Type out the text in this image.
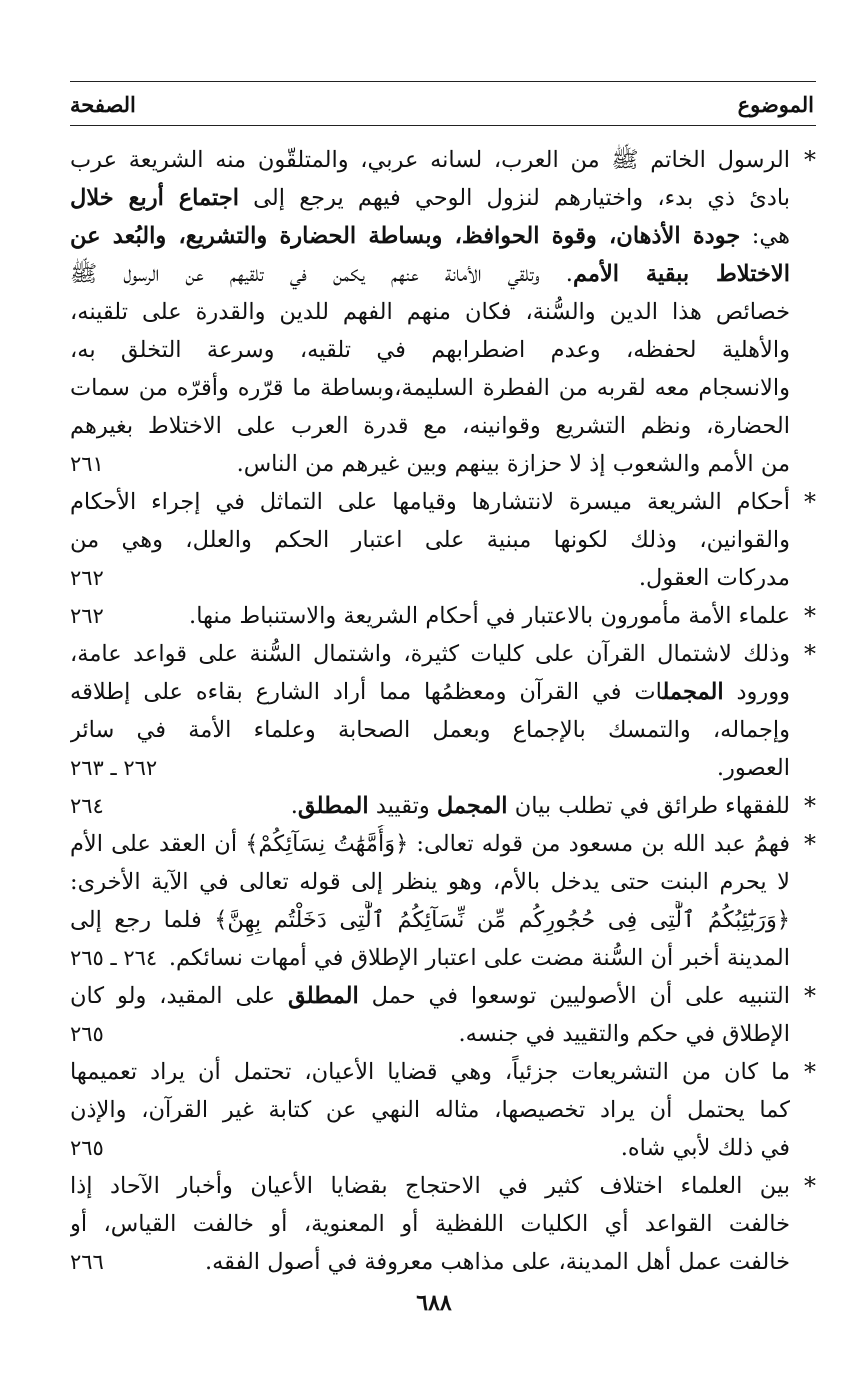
الموضوع
الصفحة
*
الرسول الخاتم ﷺ من العرب، لسانه عربي، والمتلقّون منه الشريعة عرب
بادئ ذي بدء، واختيارهم لنزول الوحي فيهم يرجع إلى اجتماع أربع خلال
هي: جودة الأذهان، وقوة الحوافظ، وبساطة الحضارة والتشريع، والبُعد عن
الاختلاط ببقية الأمم. وتلقي الأمانة عنهم يكمن في تلقيهم عن الرسول ﷺ
خصائص هذا الدين والسُّنة، فكان منهم الفهم للدين والقدرة على تلقينه،
والأهلية لحفظه، وعدم اضطرابهم في تلقيه، وسرعة التخلق به،
والانسجام معه لقربه من الفطرة السليمة،وبساطة ما قرّره وأقرّه من سمات
الحضارة، ونظم التشريع وقوانينه، مع قدرة العرب على الاختلاط بغيرهم
من الأمم والشعوب إذ لا حزازة بينهم وبين غيرهم من الناس.
٢٦١
*
أحكام الشريعة ميسرة لانتشارها وقيامها على التماثل في إجراء الأحكام
والقوانين، وذلك لكونها مبنية على اعتبار الحكم والعلل، وهي من
مدركات العقول.
٢٦٢
*
علماء الأمة مأمورون بالاعتبار في أحكام الشريعة والاستنباط منها.
٢٦٢
*
وذلك لاشتمال القرآن على كليات كثيرة، واشتمال السُّنة على قواعد عامة،
وورود المجملات في القرآن ومعظمُها مما أراد الشارع بقاءه على إطلاقه
وإجماله، والتمسك بالإجماع وبعمل الصحابة وعلماء الأمة في سائر
العصور.
٢٦٢ ـ ٢٦٣
*
للفقهاء طرائق في تطلب بيان المجمل وتقييد المطلق.
٢٦٤
*
فهمُ عبد الله بن مسعود من قوله تعالى: ﴿وَأُمَّهَٰتُ نِسَآئِكُمْ﴾ أن العقد على الأم
لا يحرم البنت حتى يدخل بالأم، وهو ينظر إلى قوله تعالى في الآية الأخرى:
﴿وَرَبَٰٓئِبُكُمُ ٱلَّٰتِى فِى حُجُورِكُم مِّن نِّسَآئِكُمُ ٱلَّٰتِى دَخَلْتُم بِهِنَّ﴾ فلما رجع إلى
المدينة أخبر أن السُّنة مضت على اعتبار الإطلاق في أمهات نسائكم.
٢٦٤ ـ ٢٦٥
*
التنبيه على أن الأصوليين توسعوا في حمل المطلق على المقيد، ولو كان
الإطلاق في حكم والتقييد في جنسه.
٢٦٥
*
ما كان من التشريعات جزئياً، وهي قضايا الأعيان، تحتمل أن يراد تعميمها
كما يحتمل أن يراد تخصيصها، مثاله النهي عن كتابة غير القرآن، والإذن
في ذلك لأبي شاه.
٢٦٥
*
بين العلماء اختلاف كثير في الاحتجاج بقضايا الأعيان وأخبار الآحاد إذا
خالفت القواعد أي الكليات اللفظية أو المعنوية، أو خالفت القياس، أو
خالفت عمل أهل المدينة، على مذاهب معروفة في أصول الفقه.
٢٦٦
٦٨٨
